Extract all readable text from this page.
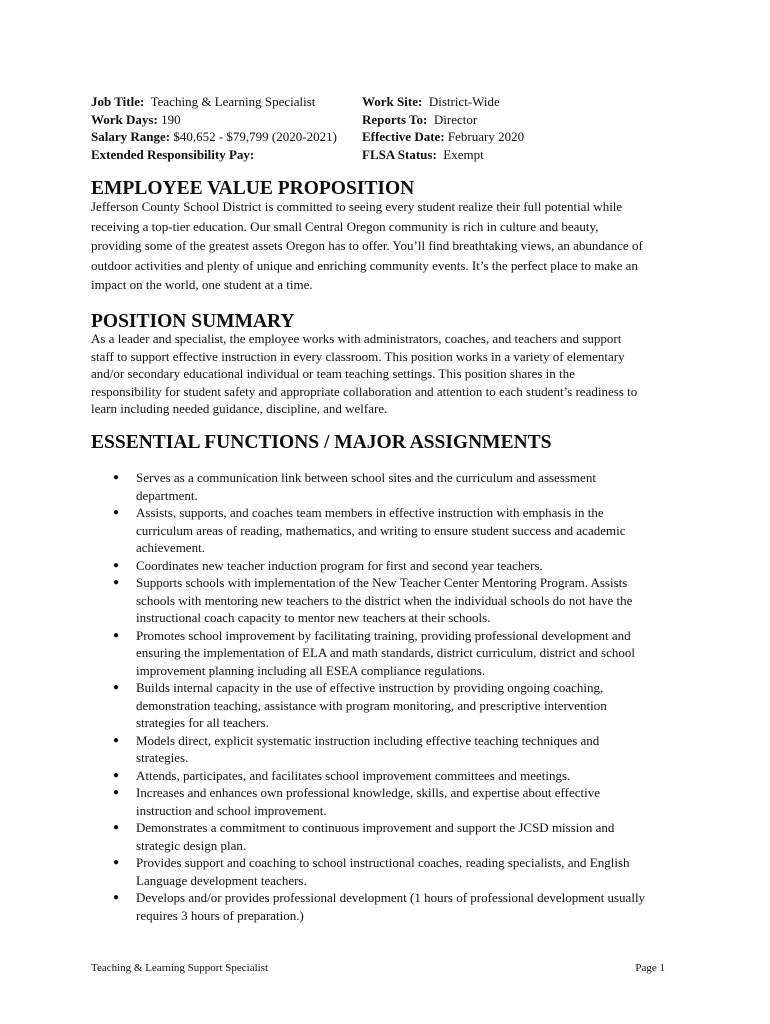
Job Title: Teaching & Learning Specialist	Work Site: District-Wide
Work Days: 190	Reports To: Director
Salary Range: $40,652 - $79,799 (2020-2021)	Effective Date: February 2020
Extended Responsibility Pay:	FLSA Status: Exempt
EMPLOYEE VALUE PROPOSITION
Jefferson County School District is committed to seeing every student realize their full potential while
receiving a top-tier education. Our small Central Oregon community is rich in culture and beauty,
providing some of the greatest assets Oregon has to offer. You’ll find breathtaking views, an abundance of
outdoor activities and plenty of unique and enriching community events. It’s the perfect place to make an
impact on the world, one student at a time.
POSITION SUMMARY
As a leader and specialist, the employee works with administrators, coaches, and teachers and support
staff to support effective instruction in every classroom. This position works in a variety of elementary
and/or secondary educational individual or team teaching settings. This position shares in the
responsibility for student safety and appropriate collaboration and attention to each student’s readiness to
learn including needed guidance, discipline, and welfare.
ESSENTIAL FUNCTIONS / MAJOR ASSIGNMENTS
● Serves as a communication link between school sites and the curriculum and assessment
department.
● Assists, supports, and coaches team members in effective instruction with emphasis in the
curriculum areas of reading, mathematics, and writing to ensure student success and academic
achievement.
● Coordinates new teacher induction program for first and second year teachers.
● Supports schools with implementation of the New Teacher Center Mentoring Program. Assists
schools with mentoring new teachers to the district when the individual schools do not have the
instructional coach capacity to mentor new teachers at their schools.
● Promotes school improvement by facilitating training, providing professional development and
ensuring the implementation of ELA and math standards, district curriculum, district and school
improvement planning including all ESEA compliance regulations.
● Builds internal capacity in the use of effective instruction by providing ongoing coaching,
demonstration teaching, assistance with program monitoring, and prescriptive intervention
strategies for all teachers.
● Models direct, explicit systematic instruction including effective teaching techniques and
strategies.
● Attends, participates, and facilitates school improvement committees and meetings.
● Increases and enhances own professional knowledge, skills, and expertise about effective
instruction and school improvement.
● Demonstrates a commitment to continuous improvement and support the JCSD mission and
strategic design plan.
● Provides support and coaching to school instructional coaches, reading specialists, and English
Language development teachers.
● Develops and/or provides professional development (1 hours of professional development usually
requires 3 hours of preparation.)
Teaching & Learning Support Specialist	Page 1
